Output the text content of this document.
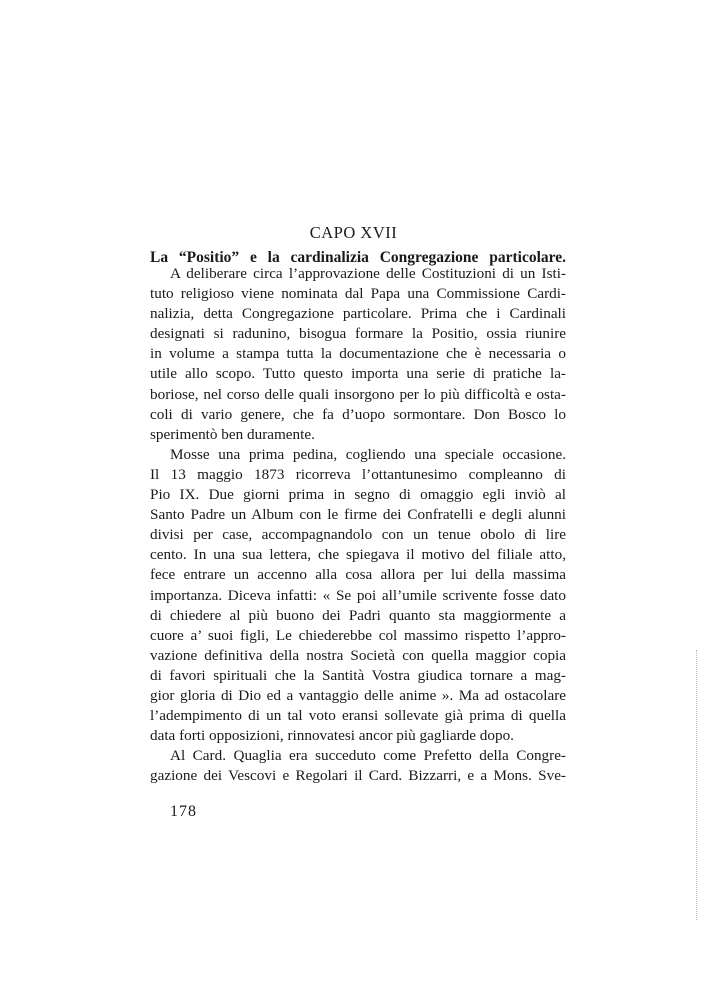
CAPO XVII
La “Positio” e la cardinalizia Congregazione particolare.
A deliberare circa l’approvazione delle Costituzioni di un Isti-
tuto religioso viene nominata dal Papa una Commissione Cardi-
nalizia, detta Congregazione particolare. Prima che i Cardinali
designati si radunino, bisogua formare la Positio, ossia riunire
in volume a stampa tutta la documentazione che è necessaria o
utile allo scopo. Tutto questo importa una serie di pratiche la-
boriose, nel corso delle quali insorgono per lo più difficoltà e osta-
coli di vario genere, che fa d’uopo sormontare. Don Bosco lo
sperimentò ben duramente.
Mosse una prima pedina, cogliendo una speciale occasione.
Il 13 maggio 1873 ricorreva l’ottantunesimo compleanno di
Pio IX. Due giorni prima in segno di omaggio egli inviò al
Santo Padre un Album con le firme dei Confratelli e degli alunni
divisi per case, accompagnandolo con un tenue obolo di lire
cento. In una sua lettera, che spiegava il motivo del filiale atto,
fece entrare un accenno alla cosa allora per lui della massima
importanza. Diceva infatti: « Se poi all’umile scrivente fosse dato
di chiedere al più buono dei Padri quanto sta maggiormente a
cuore a’ suoi figli, Le chiederebbe col massimo rispetto l’appro-
vazione definitiva della nostra Società con quella maggior copia
di favori spirituali che la Santità Vostra giudica tornare a mag-
gior gloria di Dio ed a vantaggio delle anime ». Ma ad ostacolare
l’adempimento di un tal voto eransi sollevate già prima di quella
data forti opposizioni, rinnovatesi ancor più gagliarde dopo.
Al Card. Quaglia era succeduto come Prefetto della Congre-
gazione dei Vescovi e Regolari il Card. Bizzarri, e a Mons. Sve-
178
